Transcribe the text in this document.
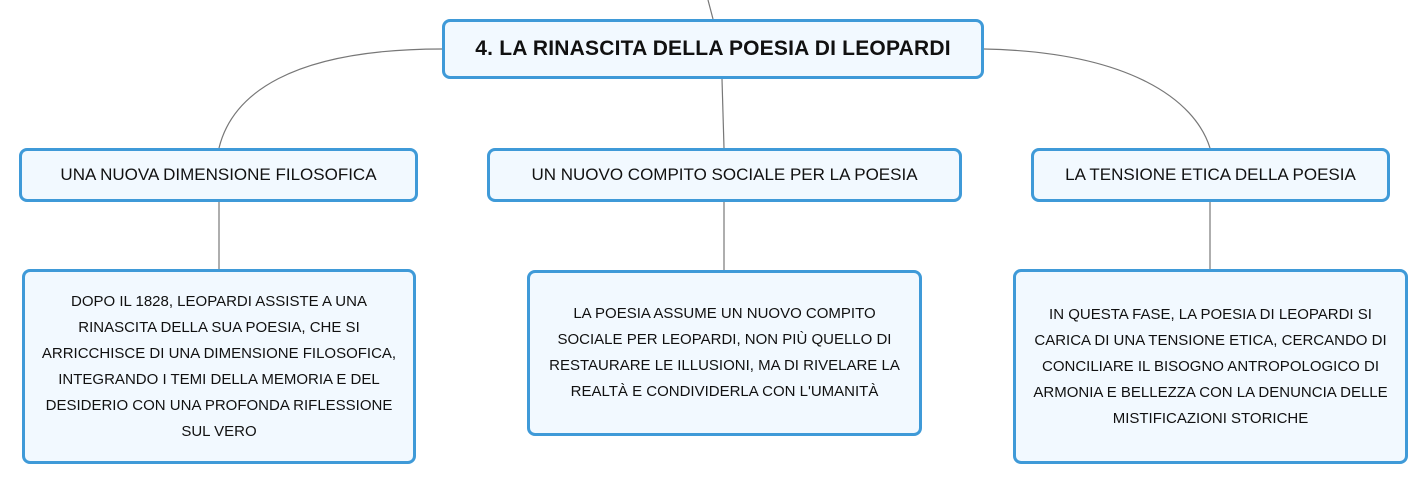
4. LA RINASCITA DELLA POESIA DI LEOPARDI
UNA NUOVA DIMENSIONE FILOSOFICA	UN NUOVO COMPITO SOCIALE PER LA POESIA	LA TENSIONE ETICA DELLA POESIA
DOPO IL 1828, LEOPARDI ASSISTE A UNA RINASCITA DELLA SUA POESIA, CHE SI ARRICCHISCE DI UNA DIMENSIONE FILOSOFICA, INTEGRANDO I TEMI DELLA MEMORIA E DEL DESIDERIO CON UNA PROFONDA RIFLESSIONE SUL VERO
LA POESIA ASSUME UN NUOVO COMPITO SOCIALE PER LEOPARDI, NON PIÙ QUELLO DI RESTAURARE LE ILLUSIONI, MA DI RIVELARE LA REALTÀ E CONDIVIDERLA CON L'UMANITÀ
IN QUESTA FASE, LA POESIA DI LEOPARDI SI CARICA DI UNA TENSIONE ETICA, CERCANDO DI CONCILIARE IL BISOGNO ANTROPOLOGICO DI ARMONIA E BELLEZZA CON LA DENUNCIA DELLE MISTIFICAZIONI STORICHE
